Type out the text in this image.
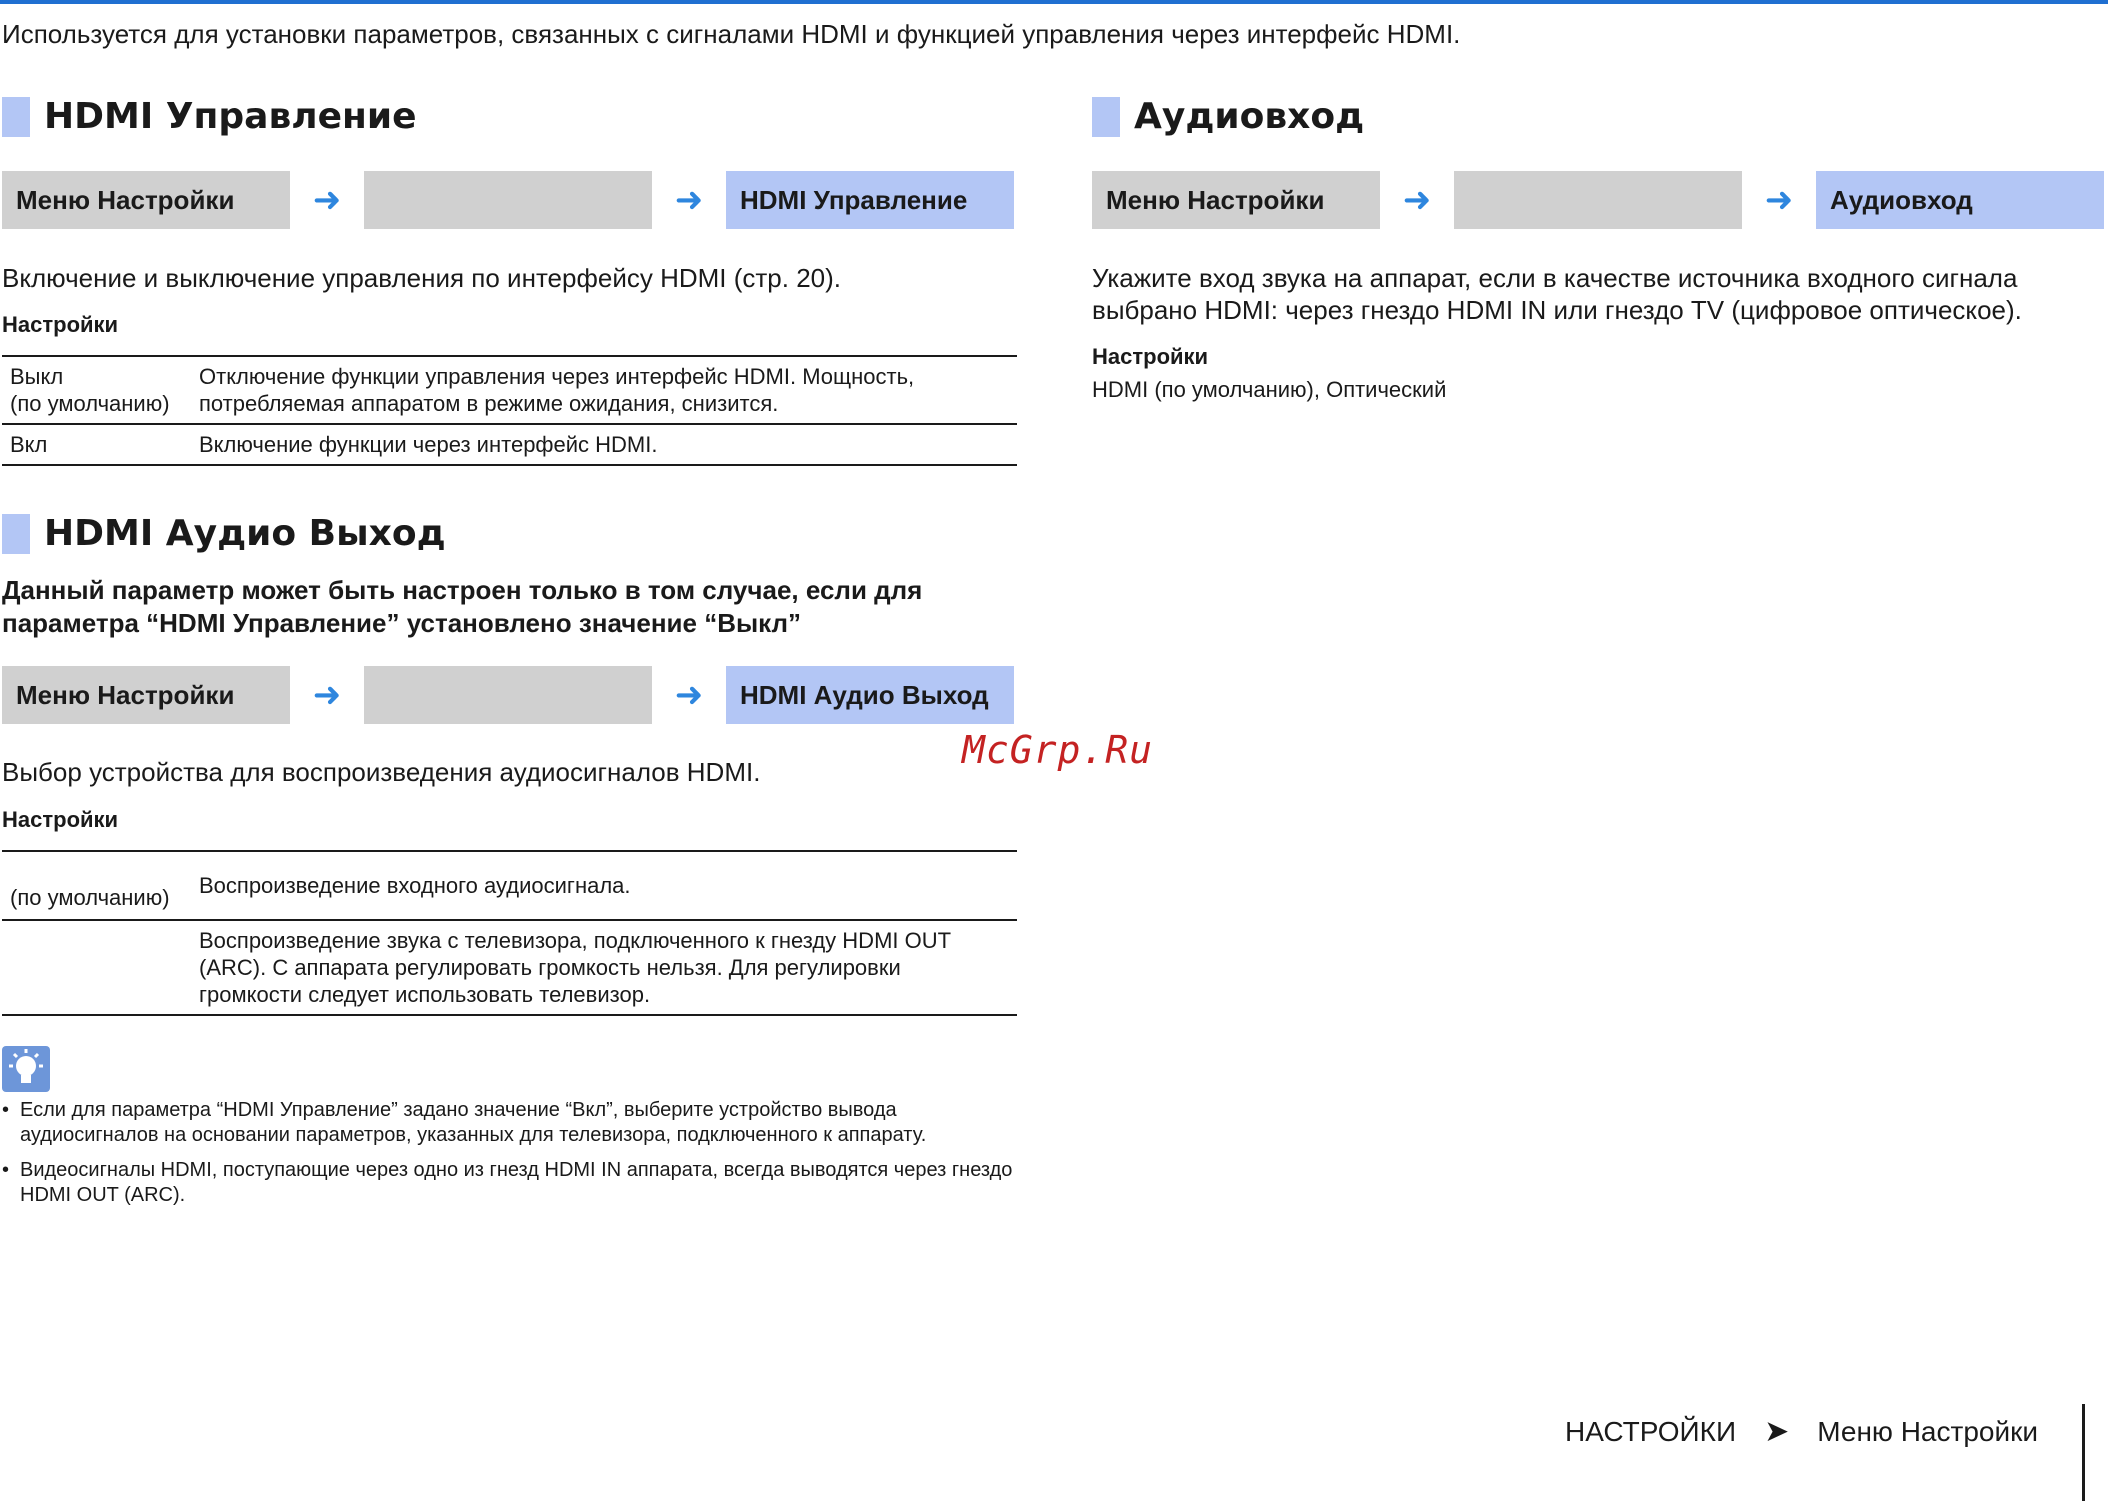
Используется для установки параметров, связанных с сигналами HDMI и функцией управления через интерфейс HDMI.
HDMI Управление
Меню Настройки	➜	➜	HDMI Управление
Включение и выключение управления по интерфейсу HDMI (стр. 20).
Настройки
Выкл
(по умолчанию)	Отключение функции управления через интерфейс HDMI. Мощность, потребляемая аппаратом в режиме ожидания, снизится.
Вкл	Включение функции через интерфейс HDMI.
HDMI Аудио Выход
Данный параметр может быть настроен только в том случае, если для параметра “HDMI Управление” установлено значение “Выкл”
Меню Настройки	➜	➜	HDMI Аудио Выход
Выбор устройства для воспроизведения аудиосигналов HDMI.
Настройки
(по умолчанию)	Воспроизведение входного аудиосигнала.
	Воспроизведение звука с телевизора, подключенного к гнезду HDMI OUT (ARC). С аппарата регулировать громкость нельзя. Для регулировки громкости следует использовать телевизор.
• Если для параметра “HDMI Управление” задано значение “Вкл”, выберите устройство вывода аудиосигналов на основании параметров, указанных для телевизора, подключенного к аппарату.
• Видеосигналы HDMI, поступающие через одно из гнезд HDMI IN аппарата, всегда выводятся через гнездо HDMI OUT (ARC).
Аудиовход
Меню Настройки	➜	➜	Аудиовход
Укажите вход звука на аппарат, если в качестве источника входного сигнала выбрано HDMI: через гнездо HDMI IN или гнездо TV (цифровое оптическое).
Настройки
HDMI (по умолчанию), Оптический
McGrp.Ru
НАСТРОЙКИ ➤ Меню Настройки
